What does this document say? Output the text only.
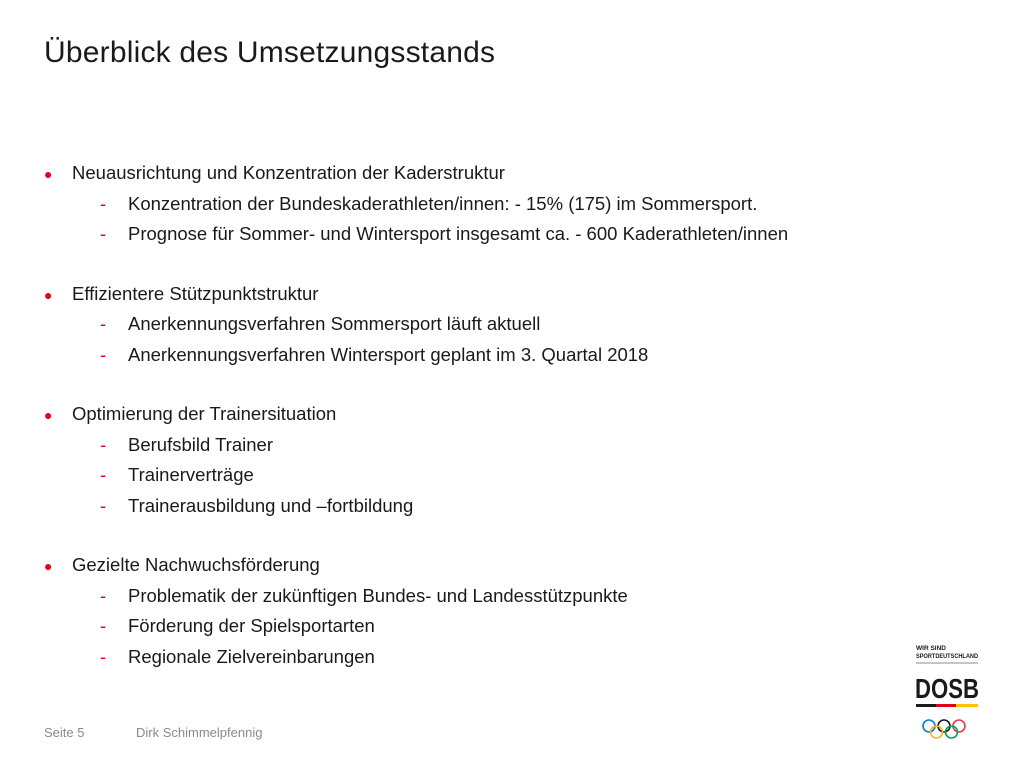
Überblick des Umsetzungsstands
●	Neuausrichtung und Konzentration der Kaderstruktur
-	Konzentration der Bundeskaderathleten/innen: - 15% (175) im Sommersport.
-	Prognose für Sommer- und Wintersport insgesamt ca. - 600 Kaderathleten/innen
●	Effizientere Stützpunktstruktur
-	Anerkennungsverfahren Sommersport läuft aktuell
-	Anerkennungsverfahren Wintersport geplant im 3. Quartal 2018
●	Optimierung der Trainersituation
-	Berufsbild Trainer
-	Trainerverträge
-	Trainerausbildung und –fortbildung
●	Gezielte Nachwuchsförderung
-	Problematik der zukünftigen Bundes- und Landesstützpunkte
-	Förderung der Spielsportarten
-	Regionale Zielvereinbarungen
Seite 5	Dirk Schimmelpfennig
WIR SIND
SPORTDEUTSCHLAND
DOSB
